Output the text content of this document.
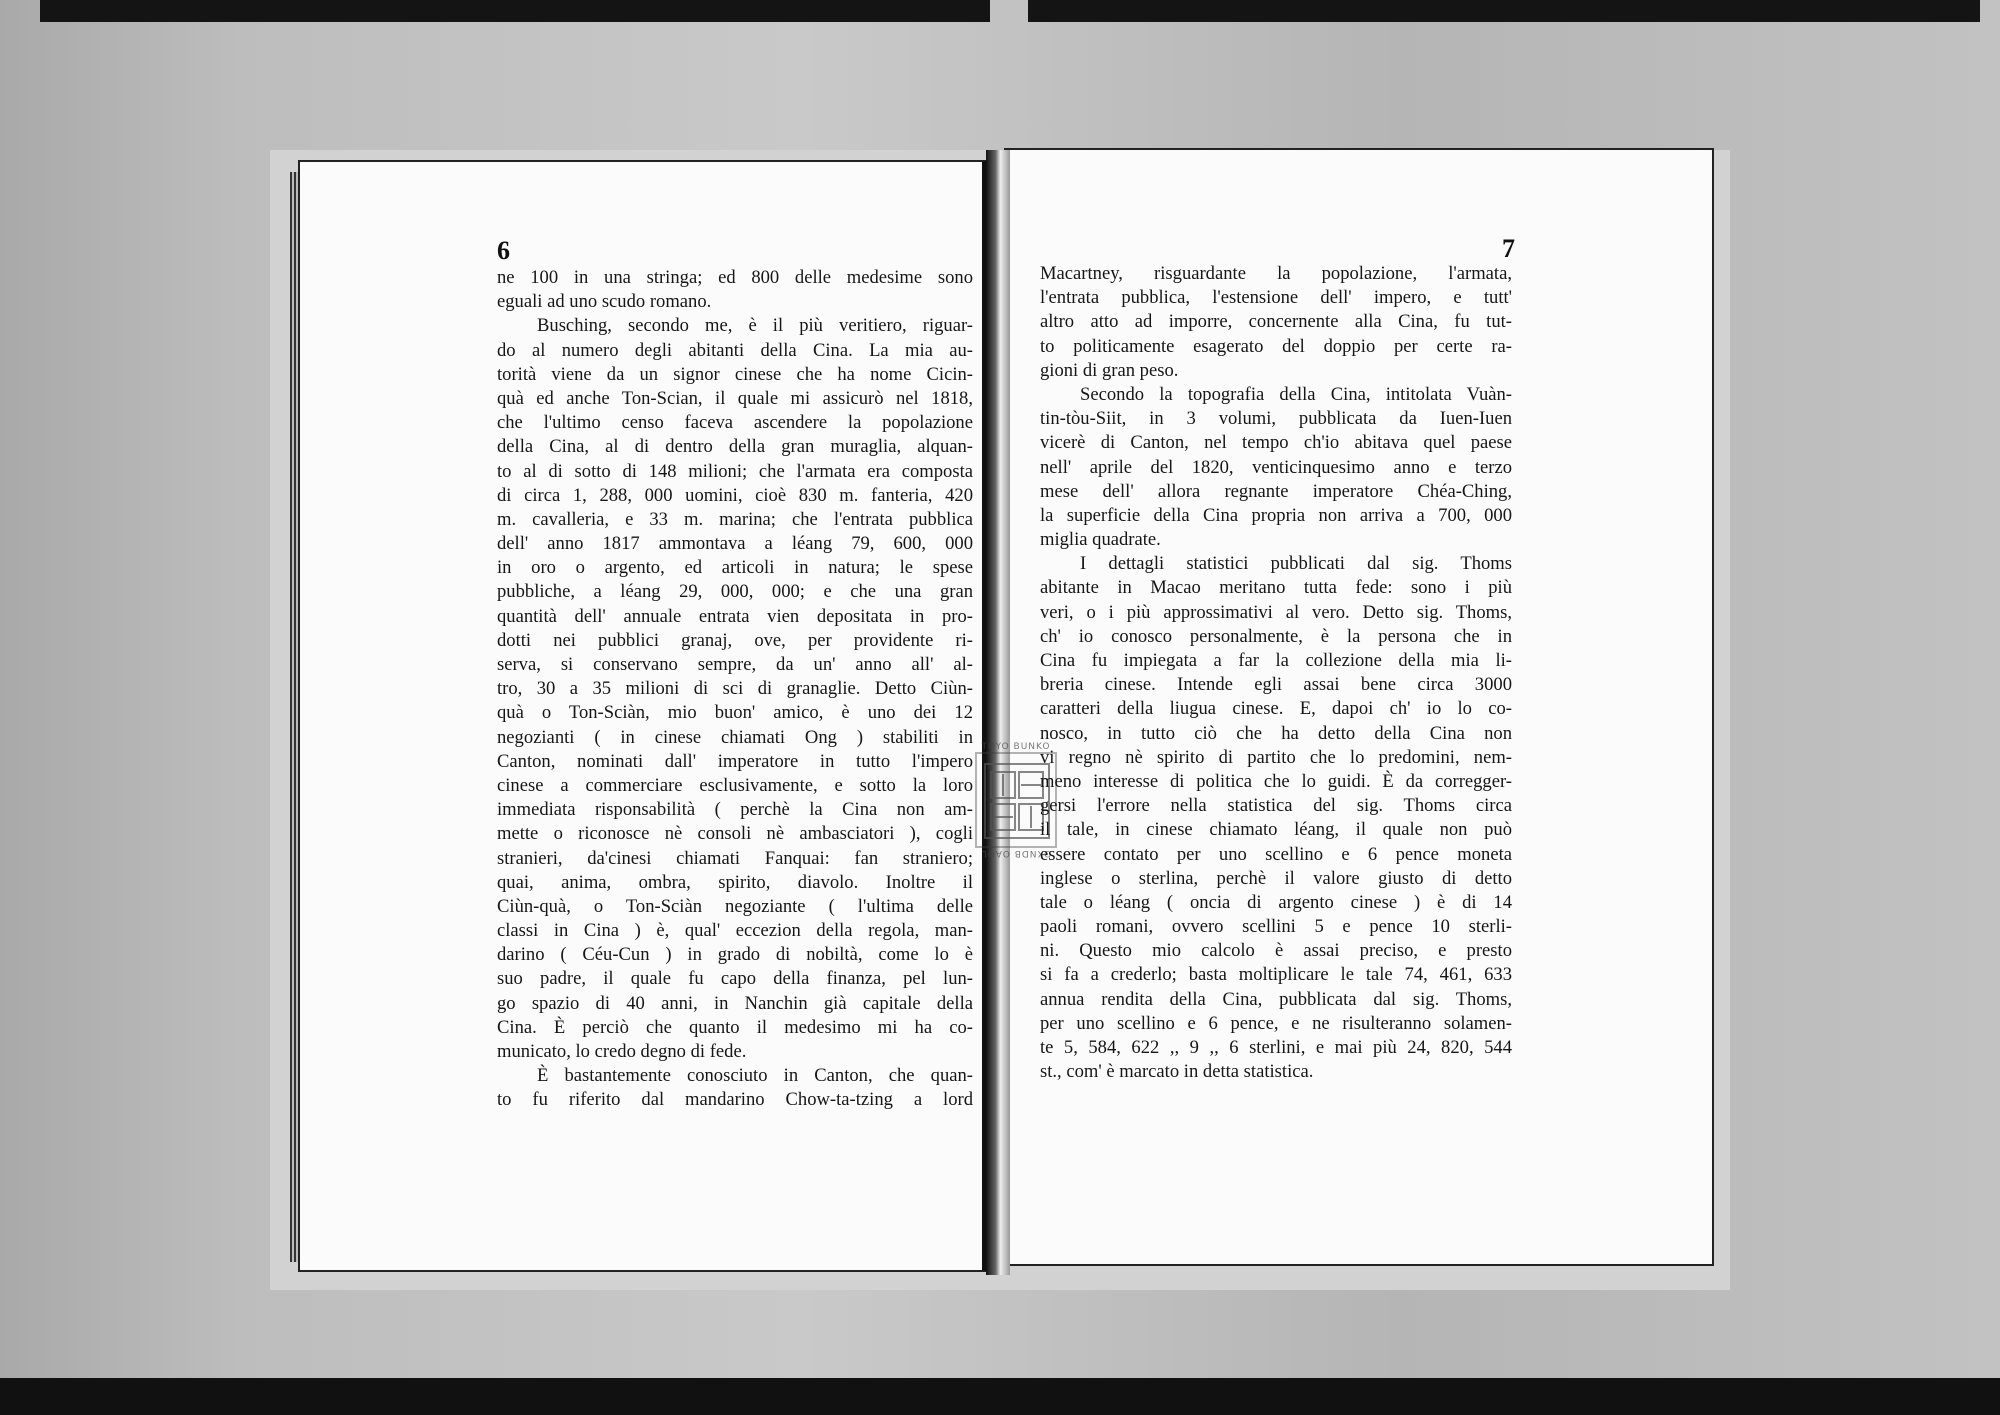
TOYO BUNKO
OXNDB OAOL
6	7
ne 100 in una stringa; ed 800 delle medesime sono
eguali ad uno scudo romano.
Busching, secondo me, è il più veritiero, riguar-
do al numero degli abitanti della Cina. La mia au-
torità viene da un signor cinese che ha nome Cicin-
quà ed anche Ton-Scian, il quale mi assicurò nel 1818,
che l'ultimo censo faceva ascendere la popolazione
della Cina, al di dentro della gran muraglia, alquan-
to al di sotto di 148 milioni; che l'armata era composta
di circa 1, 288, 000 uomini, cioè 830 m. fanteria, 420
m. cavalleria, e 33 m. marina; che l'entrata pubblica
dell' anno 1817 ammontava a léang 79, 600, 000
in oro o argento, ed articoli in natura; le spese
pubbliche, a léang 29, 000, 000; e che una gran
quantità dell' annuale entrata vien depositata in pro-
dotti nei pubblici granaj, ove, per providente ri-
serva, si conservano sempre, da un' anno all' al-
tro, 30 a 35 milioni di sci di granaglie. Detto Ciùn-
quà o Ton-Sciàn, mio buon' amico, è uno dei 12
negozianti ( in cinese chiamati Ong ) stabiliti in
Canton, nominati dall' imperatore in tutto l'impero
cinese a commerciare esclusivamente, e sotto la loro
immediata risponsabilità ( perchè la Cina non am-
mette o riconosce nè consoli nè ambasciatori ), cogli
stranieri, da'cinesi chiamati Fanquai: fan straniero;
quai, anima, ombra, spirito, diavolo. Inoltre il
Ciùn-quà, o Ton-Sciàn negoziante ( l'ultima delle
classi in Cina ) è, qual' eccezion della regola, man-
darino ( Céu-Cun ) in grado di nobiltà, come lo è
suo padre, il quale fu capo della finanza, pel lun-
go spazio di 40 anni, in Nanchin già capitale della
Cina. È perciò che quanto il medesimo mi ha co-
municato, lo credo degno di fede.
È bastantemente conosciuto in Canton, che quan-
to fu riferito dal mandarino Chow-ta-tzing a lord
Macartney, risguardante la popolazione, l'armata,
l'entrata pubblica, l'estensione dell' impero, e tutt'
altro atto ad imporre, concernente alla Cina, fu tut-
to politicamente esagerato del doppio per certe ra-
gioni di gran peso.
Secondo la topografia della Cina, intitolata Vuàn-
tin-tòu-Siit, in 3 volumi, pubblicata da Iuen-Iuen
vicerè di Canton, nel tempo ch'io abitava quel paese
nell' aprile del 1820, venticinquesimo anno e terzo
mese dell' allora regnante imperatore Chéa-Ching,
la superficie della Cina propria non arriva a 700, 000
miglia quadrate.
I dettagli statistici pubblicati dal sig. Thoms
abitante in Macao meritano tutta fede: sono i più
veri, o i più approssimativi al vero. Detto sig. Thoms,
ch' io conosco personalmente, è la persona che in
Cina fu impiegata a far la collezione della mia li-
breria cinese. Intende egli assai bene circa 3000
caratteri della liugua cinese. E, dapoi ch' io lo co-
nosco, in tutto ciò che ha detto della Cina non
vi regno nè spirito di partito che lo predomini, nem-
meno interesse di politica che lo guidi. È da corregger-
gersi l'errore nella statistica del sig. Thoms circa
il tale, in cinese chiamato léang, il quale non può
essere contato per uno scellino e 6 pence moneta
inglese o sterlina, perchè il valore giusto di detto
tale o léang ( oncia di argento cinese ) è di 14
paoli romani, ovvero scellini 5 e pence 10 sterli-
ni. Questo mio calcolo è assai preciso, e presto
si fa a crederlo; basta moltiplicare le tale 74, 461, 633
annua rendita della Cina, pubblicata dal sig. Thoms,
per uno scellino e 6 pence, e ne risulteranno solamen-
te 5, 584, 622 ,, 9 ,, 6 sterlini, e mai più 24, 820, 544
st., com' è marcato in detta statistica.
